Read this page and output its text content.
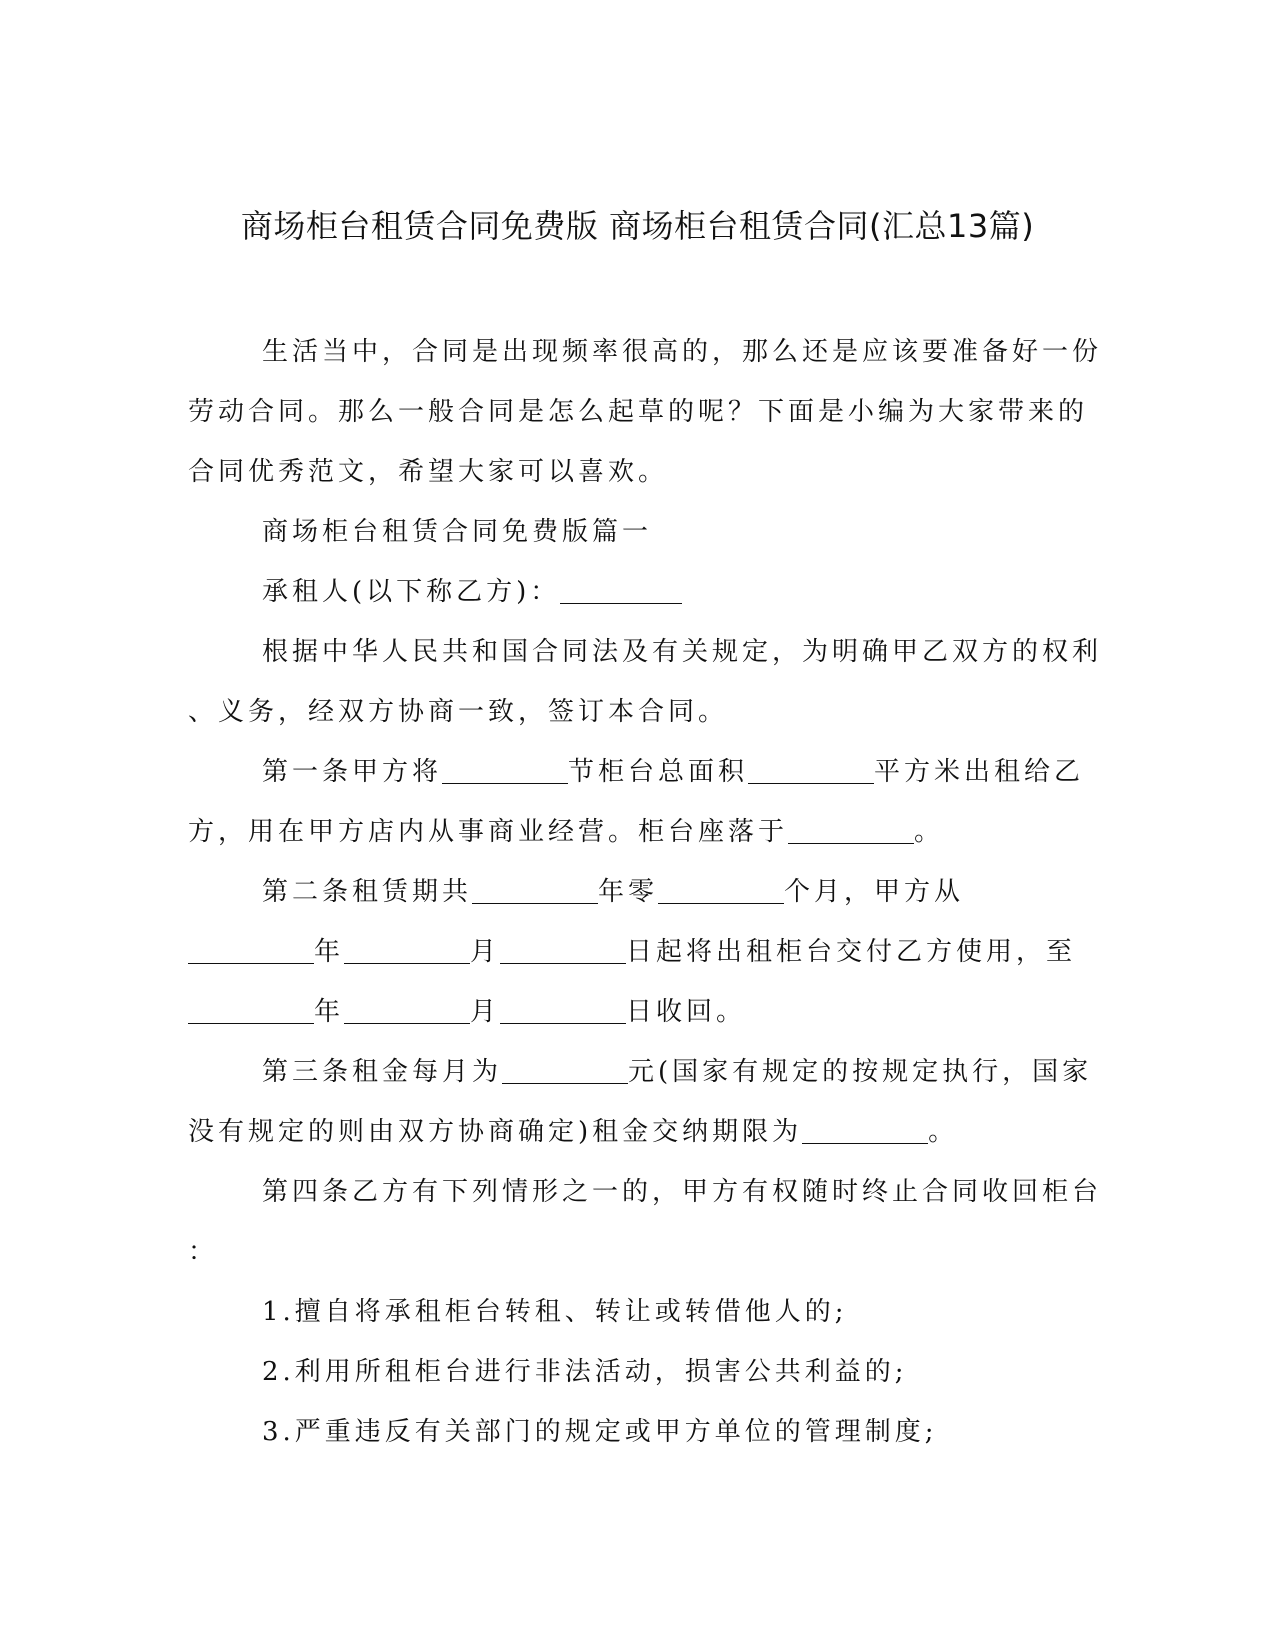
商场柜台租赁合同免费版 商场柜台租赁合同(汇总13篇)
生活当中，合同是出现频率很高的，那么还是应该要准备好一份
劳动合同。那么一般合同是怎么起草的呢？下面是小编为大家带来的
合同优秀范文，希望大家可以喜欢。
商场柜台租赁合同免费版篇一
承租人(以下称乙方)：
根据中华人民共和国合同法及有关规定，为明确甲乙双方的权利
、义务，经双方协商一致，签订本合同。
第一条甲方将	节柜台总面积	平方米出租给乙
方，用在甲方店内从事商业经营。柜台座落于	。
第二条租赁期共	年零	个月，甲方从
年	月	日起将出租柜台交付乙方使用，至
年	月	日收回。
第三条租金每月为	元(国家有规定的按规定执行，国家
没有规定的则由双方协商确定)租金交纳期限为	。
第四条乙方有下列情形之一的，甲方有权随时终止合同收回柜台
：
1.擅自将承租柜台转租、转让或转借他人的;
2.利用所租柜台进行非法活动，损害公共利益的;
3.严重违反有关部门的规定或甲方单位的管理制度;
